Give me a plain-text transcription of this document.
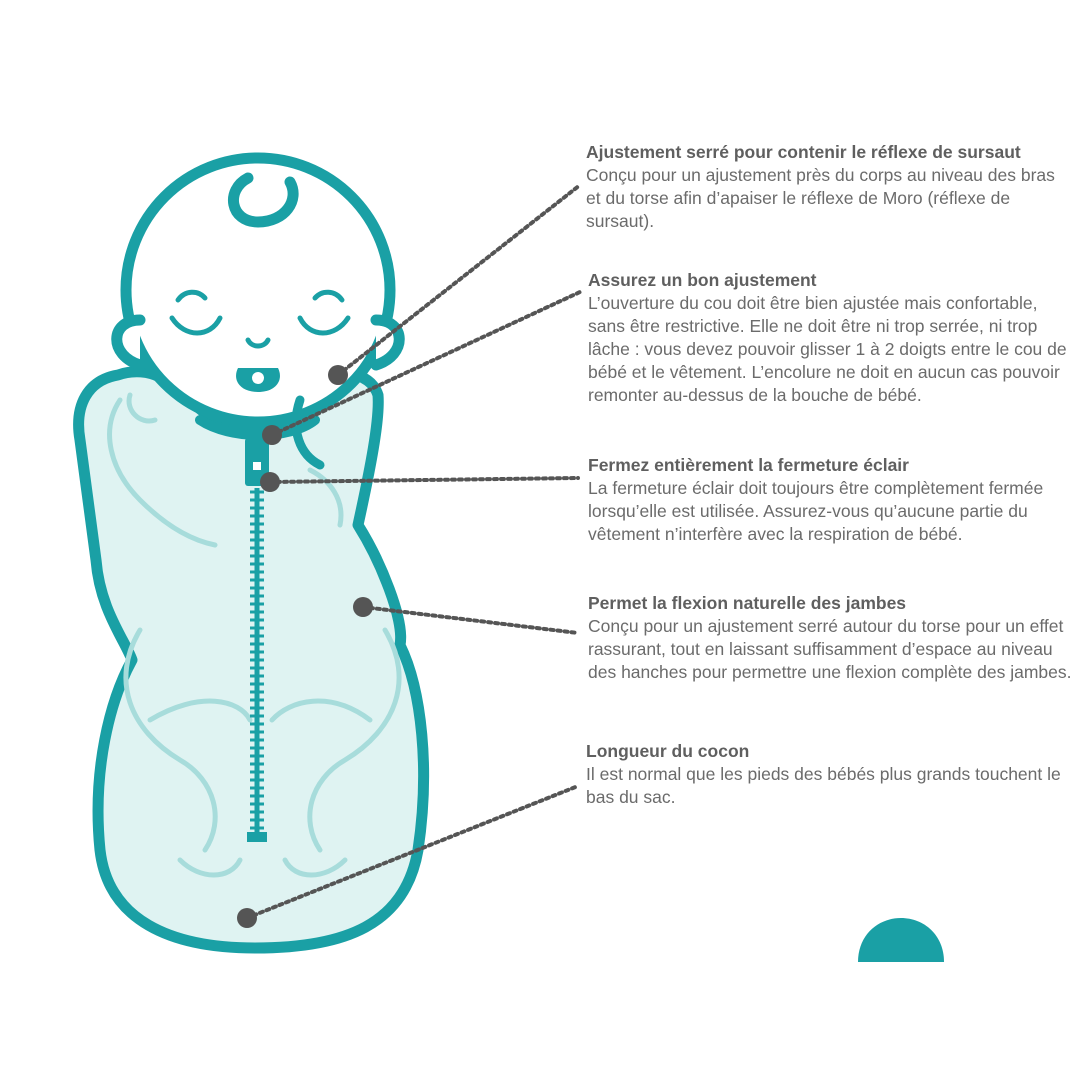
Ajustement serré pour contenir le réflexe de sursaut
Conçu pour un ajustement près du corps au niveau des bras et du torse afin d’apaiser le réflexe de Moro (réflexe de sursaut).
Assurez un bon ajustement
L’ouverture du cou doit être bien ajustée mais confortable, sans être restrictive. Elle ne doit être ni trop serrée, ni trop lâche : vous devez pouvoir glisser 1 à 2 doigts entre le cou de bébé et le vêtement. L’encolure ne doit en aucun cas pouvoir remonter au-dessus de la bouche de bébé.
Fermez entièrement la fermeture éclair
La fermeture éclair doit toujours être complètement fermée lorsqu’elle est utilisée. Assurez-vous qu’aucune partie du vêtement n’interfère avec la respiration de bébé.
Permet la flexion naturelle des jambes
Conçu pour un ajustement serré autour du torse pour un effet rassurant, tout en laissant suffisamment d’espace au niveau des hanches pour permettre une flexion complète des jambes.
Longueur du cocon
Il est normal que les pieds des bébés plus grands touchent le bas du sac.
